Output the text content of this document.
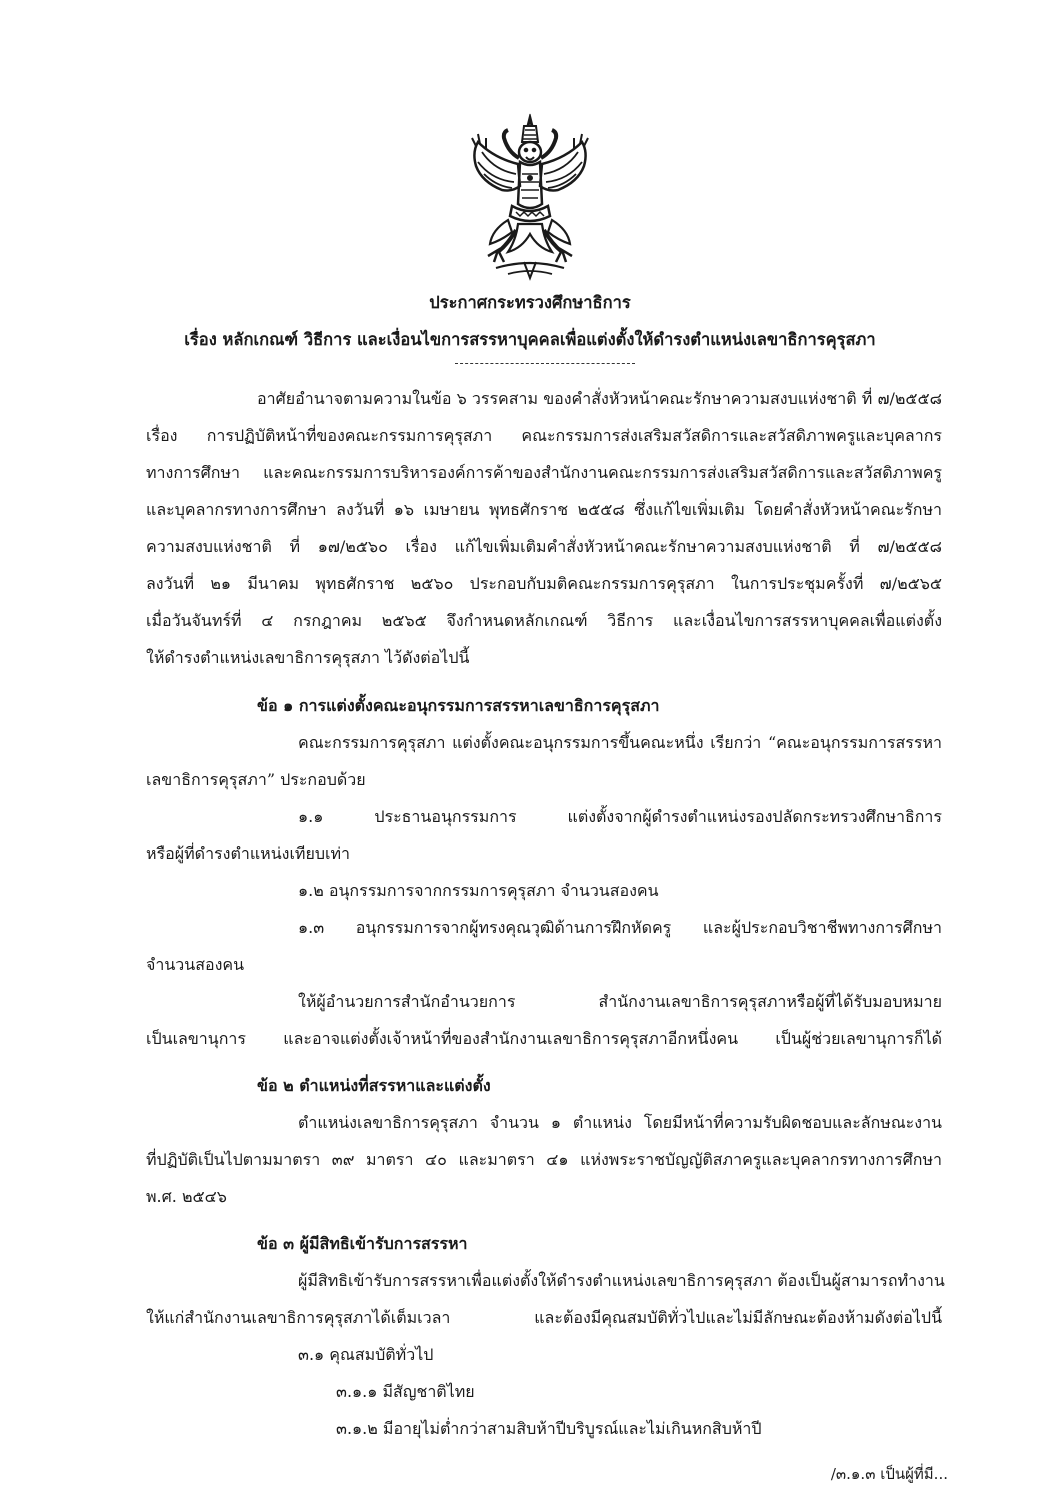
ประกาศกระทรวงศึกษาธิการ
เรื่อง หลักเกณฑ์ วิธีการ และเงื่อนไขการสรรหาบุคคลเพื่อแต่งตั้งให้ดำรงตำแหน่งเลขาธิการคุรุสภา
อาศัยอำนาจตามความในข้อ ๖ วรรคสาม ของคำสั่งหัวหน้าคณะรักษาความสงบแห่งชาติ ที่ ๗/๒๕๕๘
เรื่อง การปฏิบัติหน้าที่ของคณะกรรมการคุรุสภา คณะกรรมการส่งเสริมสวัสดิการและสวัสดิภาพครูและบุคลากร
ทางการศึกษา และคณะกรรมการบริหารองค์การค้าของสำนักงานคณะกรรมการส่งเสริมสวัสดิการและสวัสดิภาพครู
และบุคลากรทางการศึกษา ลงวันที่ ๑๖ เมษายน พุทธศักราช ๒๕๕๘ ซึ่งแก้ไขเพิ่มเติม โดยคำสั่งหัวหน้าคณะรักษา
ความสงบแห่งชาติ ที่ ๑๗/๒๕๖๐ เรื่อง แก้ไขเพิ่มเติมคำสั่งหัวหน้าคณะรักษาความสงบแห่งชาติ ที่ ๗/๒๕๕๘
ลงวันที่ ๒๑ มีนาคม พุทธศักราช ๒๕๖๐ ประกอบกับมติคณะกรรมการคุรุสภา ในการประชุมครั้งที่ ๗/๒๕๖๕
เมื่อวันจันทร์ที่ ๔ กรกฎาคม ๒๕๖๕ จึงกำหนดหลักเกณฑ์ วิธีการ และเงื่อนไขการสรรหาบุคคลเพื่อแต่งตั้ง
ให้ดำรงตำแหน่งเลขาธิการคุรุสภา ไว้ดังต่อไปนี้
ข้อ ๑ การแต่งตั้งคณะอนุกรรมการสรรหาเลขาธิการคุรุสภา
คณะกรรมการคุรุสภา แต่งตั้งคณะอนุกรรมการขึ้นคณะหนึ่ง เรียกว่า “คณะอนุกรรมการสรรหา
เลขาธิการคุรุสภา” ประกอบด้วย
๑.๑ ประธานอนุกรรมการ แต่งตั้งจากผู้ดำรงตำแหน่งรองปลัดกระทรวงศึกษาธิการ
หรือผู้ที่ดำรงตำแหน่งเทียบเท่า
๑.๒ อนุกรรมการจากกรรมการคุรุสภา จำนวนสองคน
๑.๓ อนุกรรมการจากผู้ทรงคุณวุฒิด้านการฝึกหัดครู และผู้ประกอบวิชาชีพทางการศึกษา
จำนวนสองคน
ให้ผู้อำนวยการสำนักอำนวยการ สำนักงานเลขาธิการคุรุสภาหรือผู้ที่ได้รับมอบหมาย
เป็นเลขานุการ และอาจแต่งตั้งเจ้าหน้าที่ของสำนักงานเลขาธิการคุรุสภาอีกหนึ่งคน เป็นผู้ช่วยเลขานุการก็ได้
ข้อ ๒ ตำแหน่งที่สรรหาและแต่งตั้ง
ตำแหน่งเลขาธิการคุรุสภา จำนวน ๑ ตำแหน่ง โดยมีหน้าที่ความรับผิดชอบและลักษณะงาน
ที่ปฏิบัติเป็นไปตามมาตรา ๓๙ มาตรา ๔๐ และมาตรา ๔๑ แห่งพระราชบัญญัติสภาครูและบุคลากรทางการศึกษา
พ.ศ. ๒๕๔๖
ข้อ ๓ ผู้มีสิทธิเข้ารับการสรรหา
ผู้มีสิทธิเข้ารับการสรรหาเพื่อแต่งตั้งให้ดำรงตำแหน่งเลขาธิการคุรุสภา ต้องเป็นผู้สามารถทำงาน
ให้แก่สำนักงานเลขาธิการคุรุสภาได้เต็มเวลา และต้องมีคุณสมบัติทั่วไปและไม่มีลักษณะต้องห้ามดังต่อไปนี้
๓.๑ คุณสมบัติทั่วไป
๓.๑.๑ มีสัญชาติไทย
๓.๑.๒ มีอายุไม่ต่ำกว่าสามสิบห้าปีบริบูรณ์และไม่เกินหกสิบห้าปี
/๓.๑.๓ เป็นผู้ที่มี...
